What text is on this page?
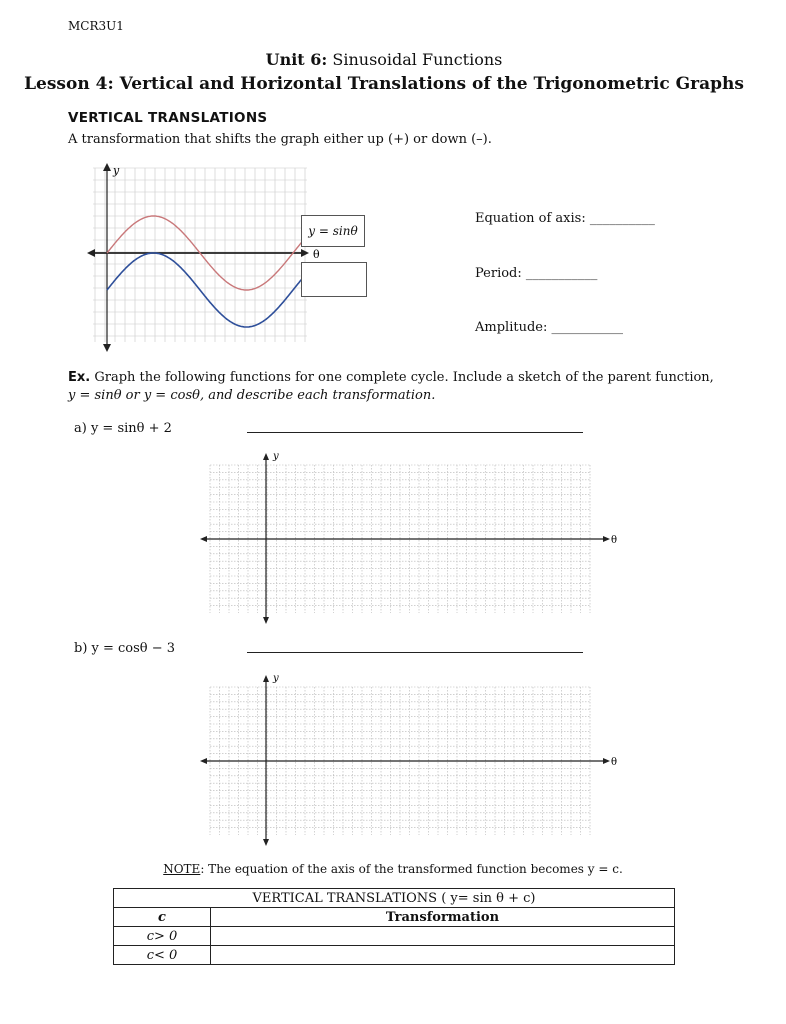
MCR3U1
Unit 6: Sinusoidal Functions
Lesson 4: Vertical and Horizontal Translations of the Trigonometric Graphs
VERTICAL TRANSLATIONS
A transformation that shifts the graph either up (+) or down (–).
y
θ
y = sinθ
Equation of axis: __________
Period: ___________
Amplitude: ___________
Ex. Graph the following functions for one complete cycle. Include a sketch of the parent function,
y = sinθ or y = cosθ, and describe each transformation.
a) y = sinθ + 2
y
θ
b) y = cosθ − 3
y
θ
NOTE: The equation of the axis of the transformed function becomes y = c.
VERTICAL TRANSLATIONS ( y= sin θ + c)	
c	Transformation
c> 0	
c< 0	
